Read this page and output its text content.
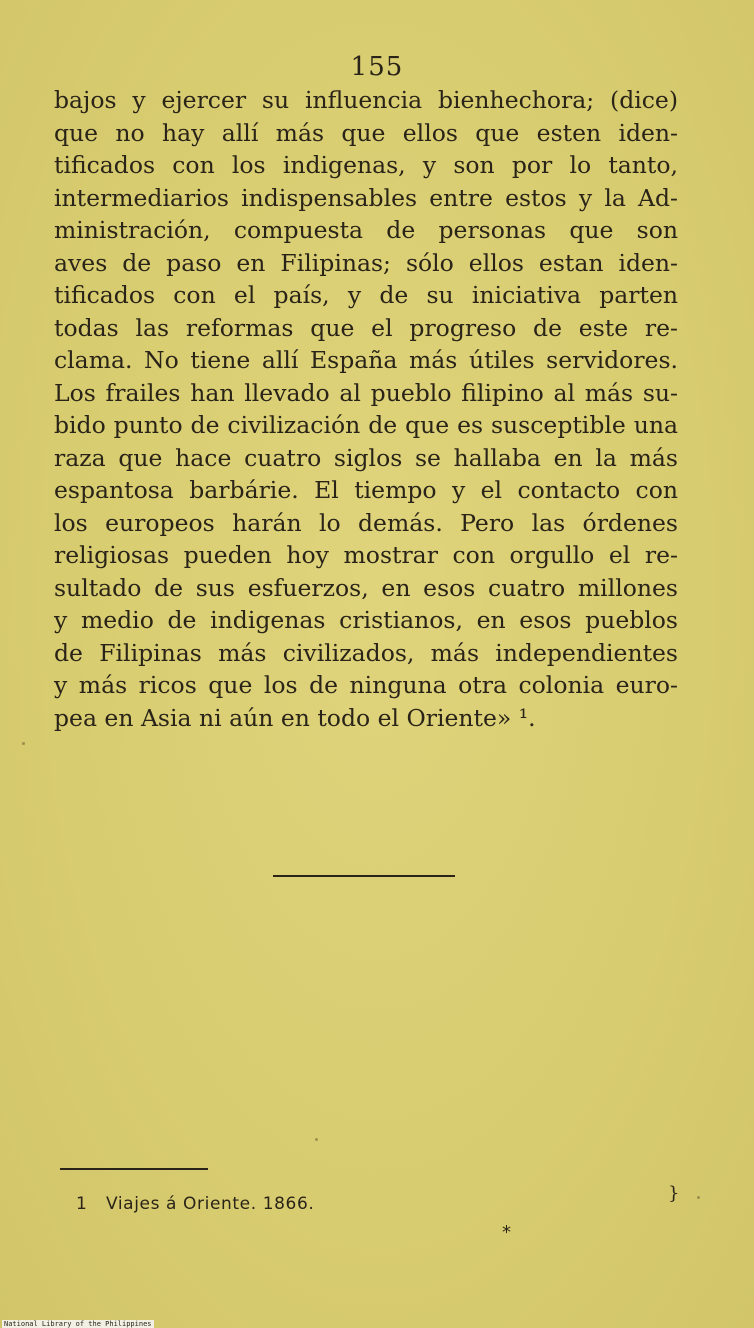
155
bajos y ejercer su influencia bienhechora; (dice)
que no hay allí más que ellos que esten iden-
tificados con los indigenas, y son por lo tanto,
intermediarios indispensables entre estos y la Ad-
ministración, compuesta de personas que son
aves de paso en Filipinas; sólo ellos estan iden-
tificados con el país, y de su iniciativa parten
todas las reformas que el progreso de este re-
clama. No tiene allí España más útiles servidores.
Los frailes han llevado al pueblo filipino al más su-
bido punto de civilización de que es susceptible una
raza que hace cuatro siglos se hallaba en la más
espantosa barbárie. El tiempo y el contacto con
los europeos harán lo demás. Pero las órdenes
religiosas pueden hoy mostrar con orgullo el re-
sultado de sus esfuerzos, en esos cuatro millones
y medio de indigenas cristianos, en esos pueblos
de Filipinas más civilizados, más independientes
y más ricos que los de ninguna otra colonia euro-
pea en Asia ni aún en todo el Oriente» ¹.
1 Viajes á Oriente. 1866.	}
*
National Library of the Philippines
